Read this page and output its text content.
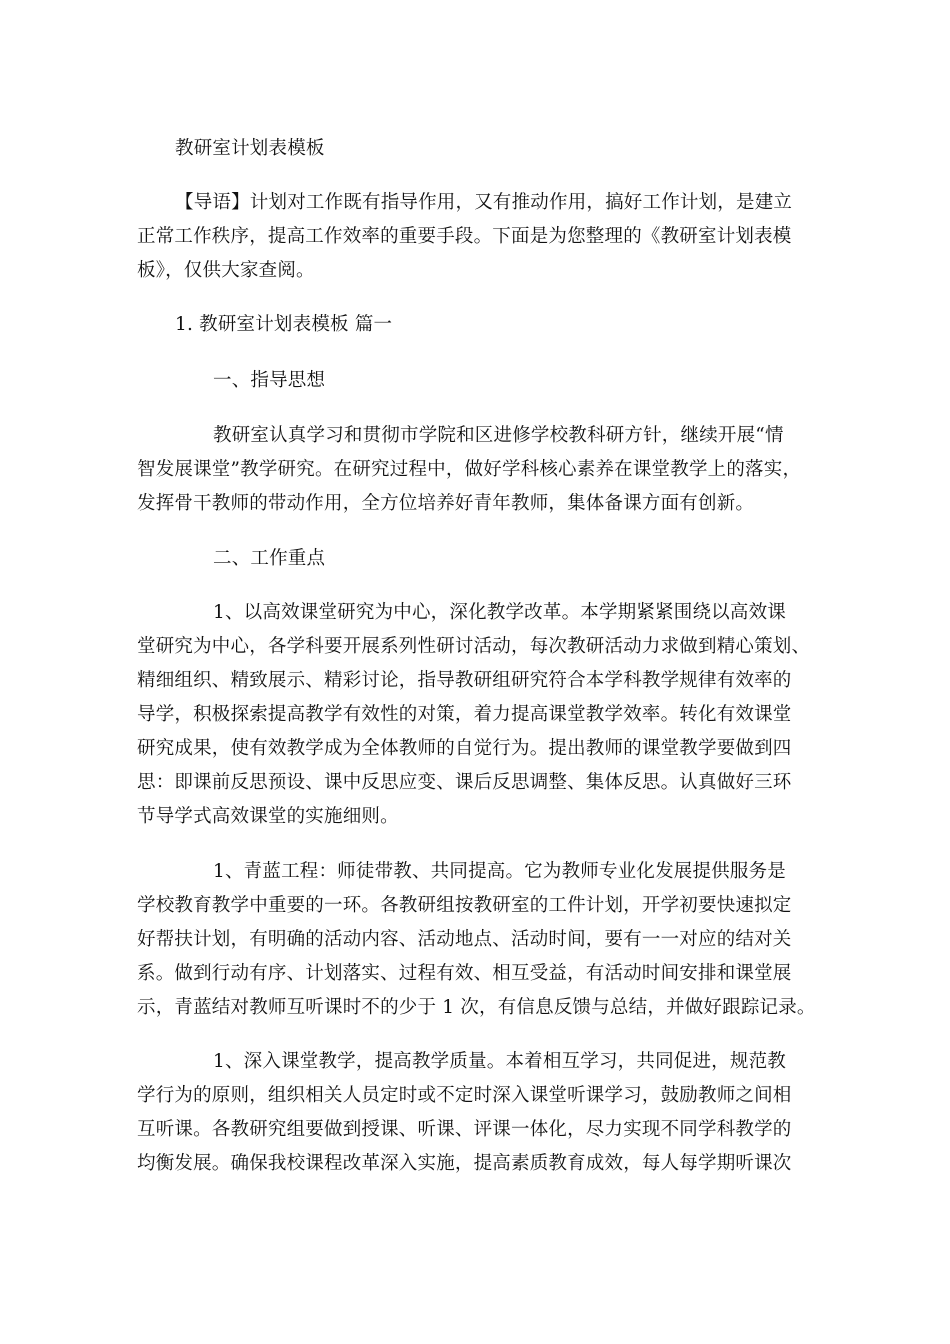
教研室计划表模板
【导语】计划对工作既有指导作用，又有推动作用，搞好工作计划，是建立
正常工作秩序，提高工作效率的重要手段。下面是为您整理的《教研室计划表模
板》，仅供大家查阅。
1. 教研室计划表模板 篇一
一、指导思想
教研室认真学习和贯彻市学院和区进修学校教科研方针，继续开展“情
智发展课堂”教学研究。在研究过程中，做好学科核心素养在课堂教学上的落实，
发挥骨干教师的带动作用，全方位培养好青年教师，集体备课方面有创新。
二、工作重点
1、以高效课堂研究为中心，深化教学改革。本学期紧紧围绕以高效课
堂研究为中心，各学科要开展系列性研讨活动，每次教研活动力求做到精心策划、
精细组织、精致展示、精彩讨论，指导教研组研究符合本学科教学规律有效率的
导学，积极探索提高教学有效性的对策，着力提高课堂教学效率。转化有效课堂
研究成果，使有效教学成为全体教师的自觉行为。提出教师的课堂教学要做到四
思：即课前反思预设、课中反思应变、课后反思调整、集体反思。认真做好三环
节导学式高效课堂的实施细则。
1、青蓝工程：师徒带教、共同提高。它为教师专业化发展提供服务是
学校教育教学中重要的一环。各教研组按教研室的工件计划，开学初要快速拟定
好帮扶计划，有明确的活动内容、活动地点、活动时间，要有一一对应的结对关
系。做到行动有序、计划落实、过程有效、相互受益，有活动时间安排和课堂展
示，青蓝结对教师互听课时不的少于 1 次，有信息反馈与总结，并做好跟踪记录。
1、深入课堂教学，提高教学质量。本着相互学习，共同促进，规范教
学行为的原则，组织相关人员定时或不定时深入课堂听课学习，鼓励教师之间相
互听课。各教研究组要做到授课、听课、评课一体化，尽力实现不同学科教学的
均衡发展。确保我校课程改革深入实施，提高素质教育成效，每人每学期听课次
